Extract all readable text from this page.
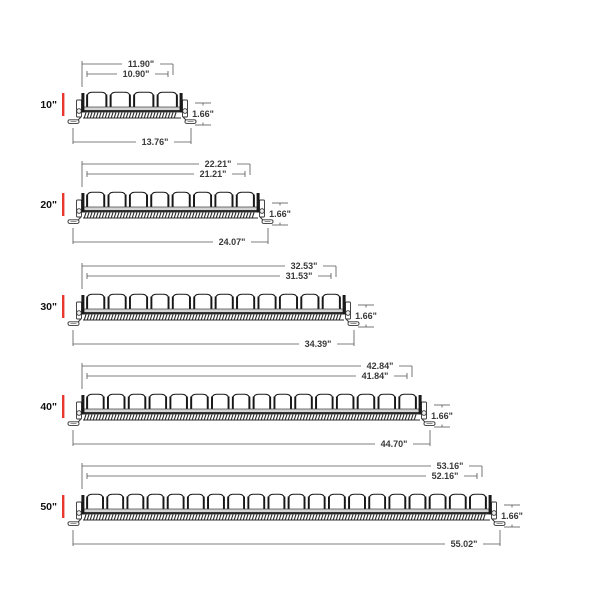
11.90"
10.90"
13.76"
1.66"
10"
22.21"
21.21"
24.07"
1.66"
20"
32.53"
31.53"
34.39"
1.66"
30"
42.84"
41.84"
44.70"
1.66"
40"
53.16"
52.16"
55.02"
1.66"
50"
